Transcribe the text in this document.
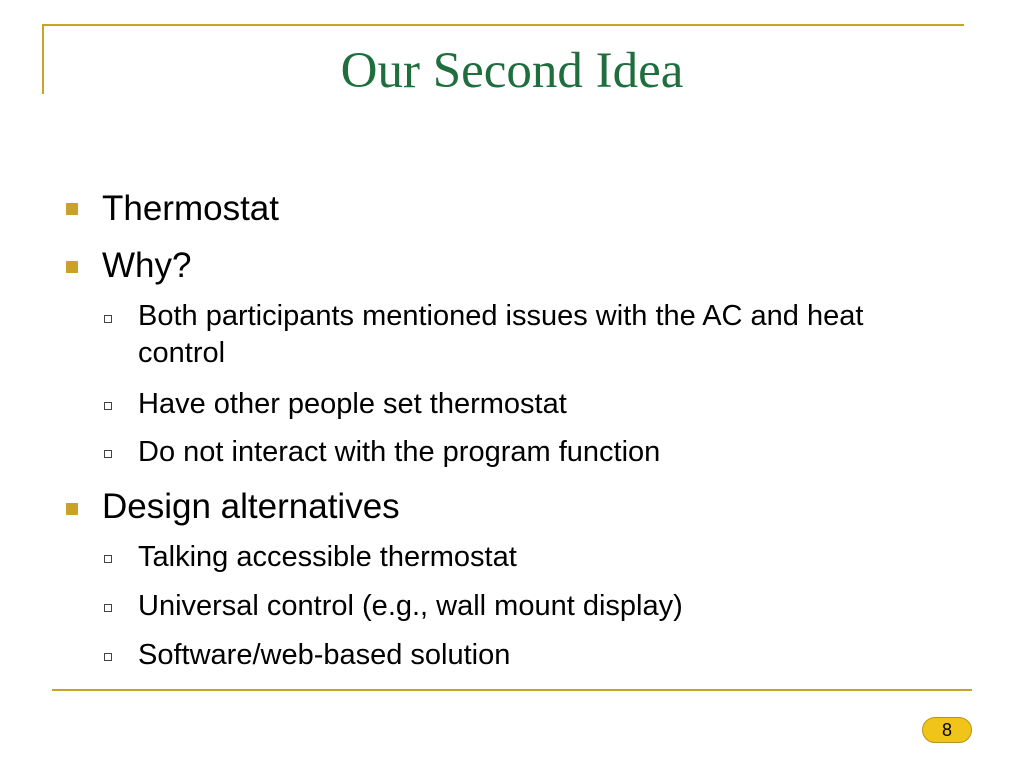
Our Second Idea
Thermostat
Why?
Both participants mentioned issues with the AC and heat control
Have other people set thermostat
Do not interact with the program function
Design alternatives
Talking accessible thermostat
Universal control (e.g., wall mount display)
Software/web-based solution
8
